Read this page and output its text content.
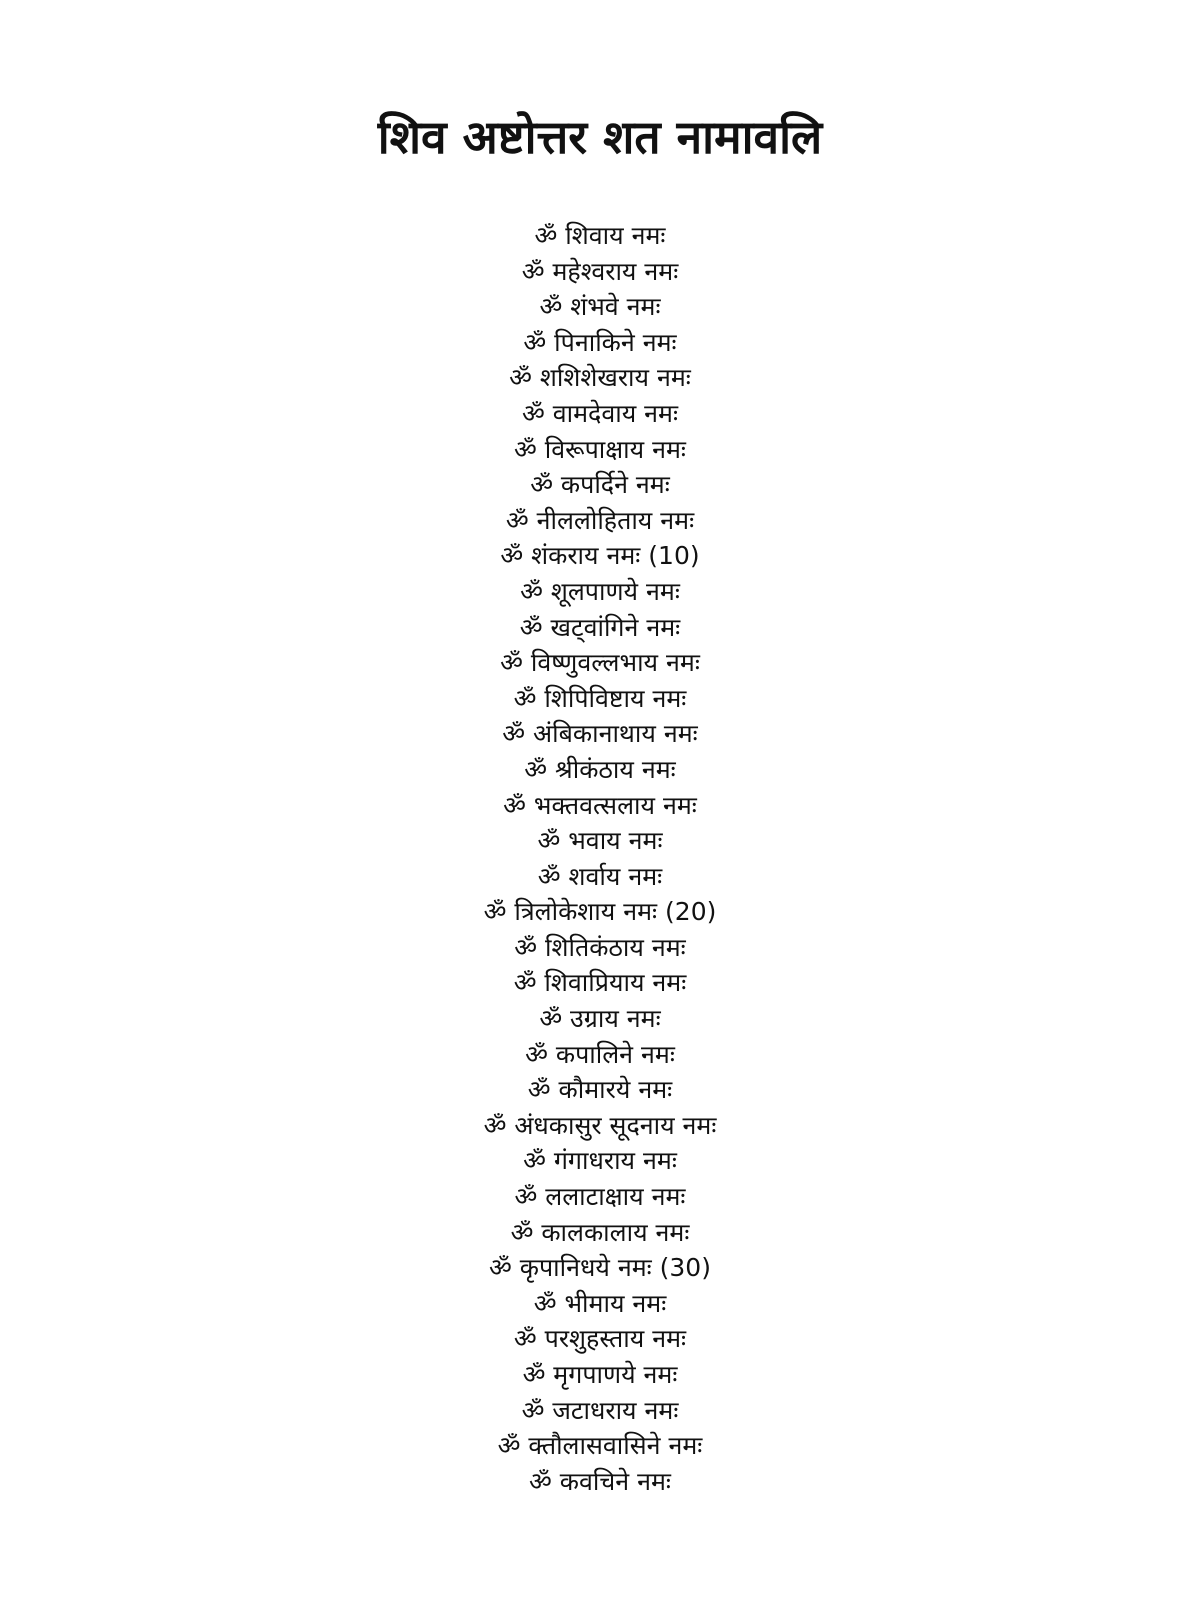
शिव अष्टोत्तर शत नामावलि
ॐ शिवाय नमः
ॐ महेश्वराय नमः
ॐ शंभवे नमः
ॐ पिनाकिने नमः
ॐ शशिशेखराय नमः
ॐ वामदेवाय नमः
ॐ विरूपाक्षाय नमः
ॐ कपर्दिने नमः
ॐ नीललोहिताय नमः
ॐ शंकराय नमः (10)
ॐ शूलपाणये नमः
ॐ खट्वांगिने नमः
ॐ विष्णुवल्लभाय नमः
ॐ शिपिविष्टाय नमः
ॐ अंबिकानाथाय नमः
ॐ श्रीकंठाय नमः
ॐ भक्तवत्सलाय नमः
ॐ भवाय नमः
ॐ शर्वाय नमः
ॐ त्रिलोकेशाय नमः (20)
ॐ शितिकंठाय नमः
ॐ शिवाप्रियाय नमः
ॐ उग्राय नमः
ॐ कपालिने नमः
ॐ कौमारये नमः
ॐ अंधकासुर सूदनाय नमः
ॐ गंगाधराय नमः
ॐ ललाटाक्षाय नमः
ॐ कालकालाय नमः
ॐ कृपानिधये नमः (30)
ॐ भीमाय नमः
ॐ परशुहस्ताय नमः
ॐ मृगपाणये नमः
ॐ जटाधराय नमः
ॐ क्तौलासवासिने नमः
ॐ कवचिने नमः
